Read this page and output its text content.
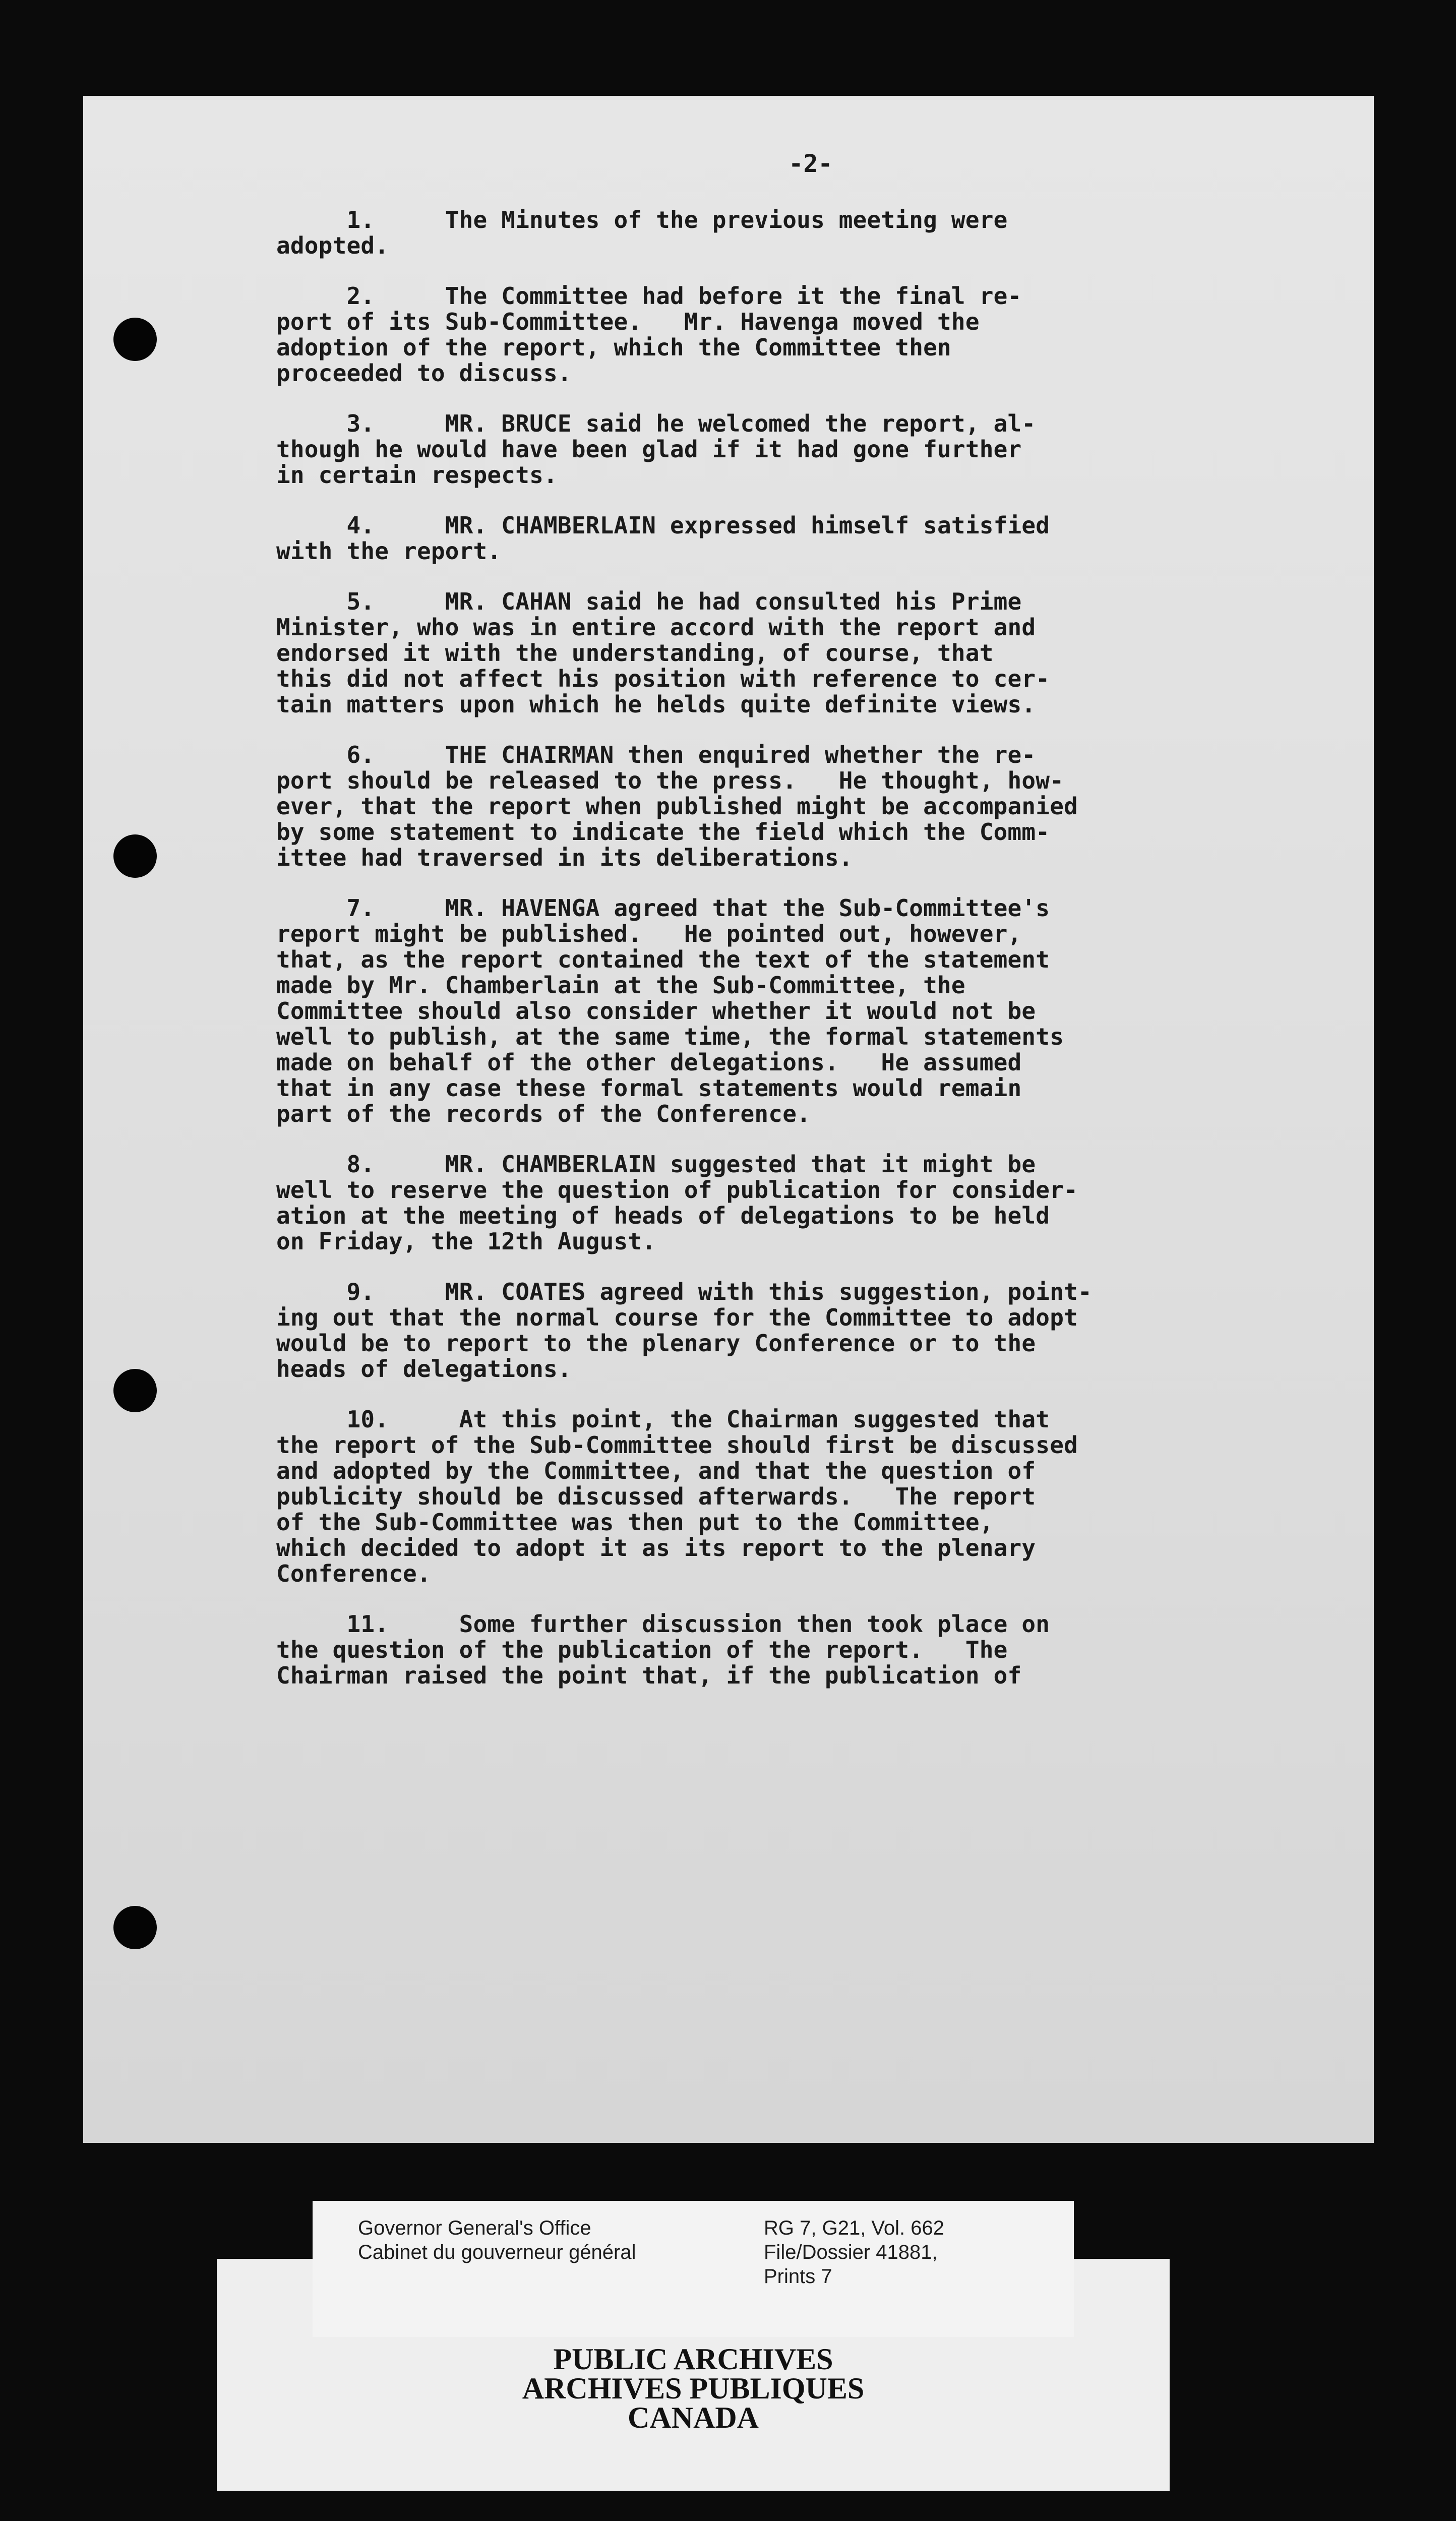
-2-
1.     The Minutes of the previous meeting were
adopted.
2.     The Committee had before it the final re-
port of its Sub-Committee.   Mr. Havenga moved the
adoption of the report, which the Committee then
proceeded to discuss.
3.     MR. BRUCE said he welcomed the report, al-
though he would have been glad if it had gone further
in certain respects.
4.     MR. CHAMBERLAIN expressed himself satisfied
with the report.
5.     MR. CAHAN said he had consulted his Prime
Minister, who was in entire accord with the report and
endorsed it with the understanding, of course, that
this did not affect his position with reference to cer-
tain matters upon which he helds quite definite views.
6.     THE CHAIRMAN then enquired whether the re-
port should be released to the press.   He thought, how-
ever, that the report when published might be accompanied
by some statement to indicate the field which the Comm-
ittee had traversed in its deliberations.
7.     MR. HAVENGA agreed that the Sub-Committee's
report might be published.   He pointed out, however,
that, as the report contained the text of the statement
made by Mr. Chamberlain at the Sub-Committee, the
Committee should also consider whether it would not be
well to publish, at the same time, the formal statements
made on behalf of the other delegations.   He assumed
that in any case these formal statements would remain
part of the records of the Conference.
8.     MR. CHAMBERLAIN suggested that it might be
well to reserve the question of publication for consider-
ation at the meeting of heads of delegations to be held
on Friday, the 12th August.
9.     MR. COATES agreed with this suggestion, point-
ing out that the normal course for the Committee to adopt
would be to report to the plenary Conference or to the
heads of delegations.
10.     At this point, the Chairman suggested that
the report of the Sub-Committee should first be discussed
and adopted by the Committee, and that the question of
publicity should be discussed afterwards.   The report
of the Sub-Committee was then put to the Committee,
which decided to adopt it as its report to the plenary
Conference.
11.     Some further discussion then took place on
the question of the publication of the report.   The
Chairman raised the point that, if the publication of
Governor General's Office
Cabinet du gouverneur général
RG 7, G21, Vol. 662
File/Dossier 41881,
Prints 7
PUBLIC ARCHIVES
ARCHIVES PUBLIQUES
CANADA
